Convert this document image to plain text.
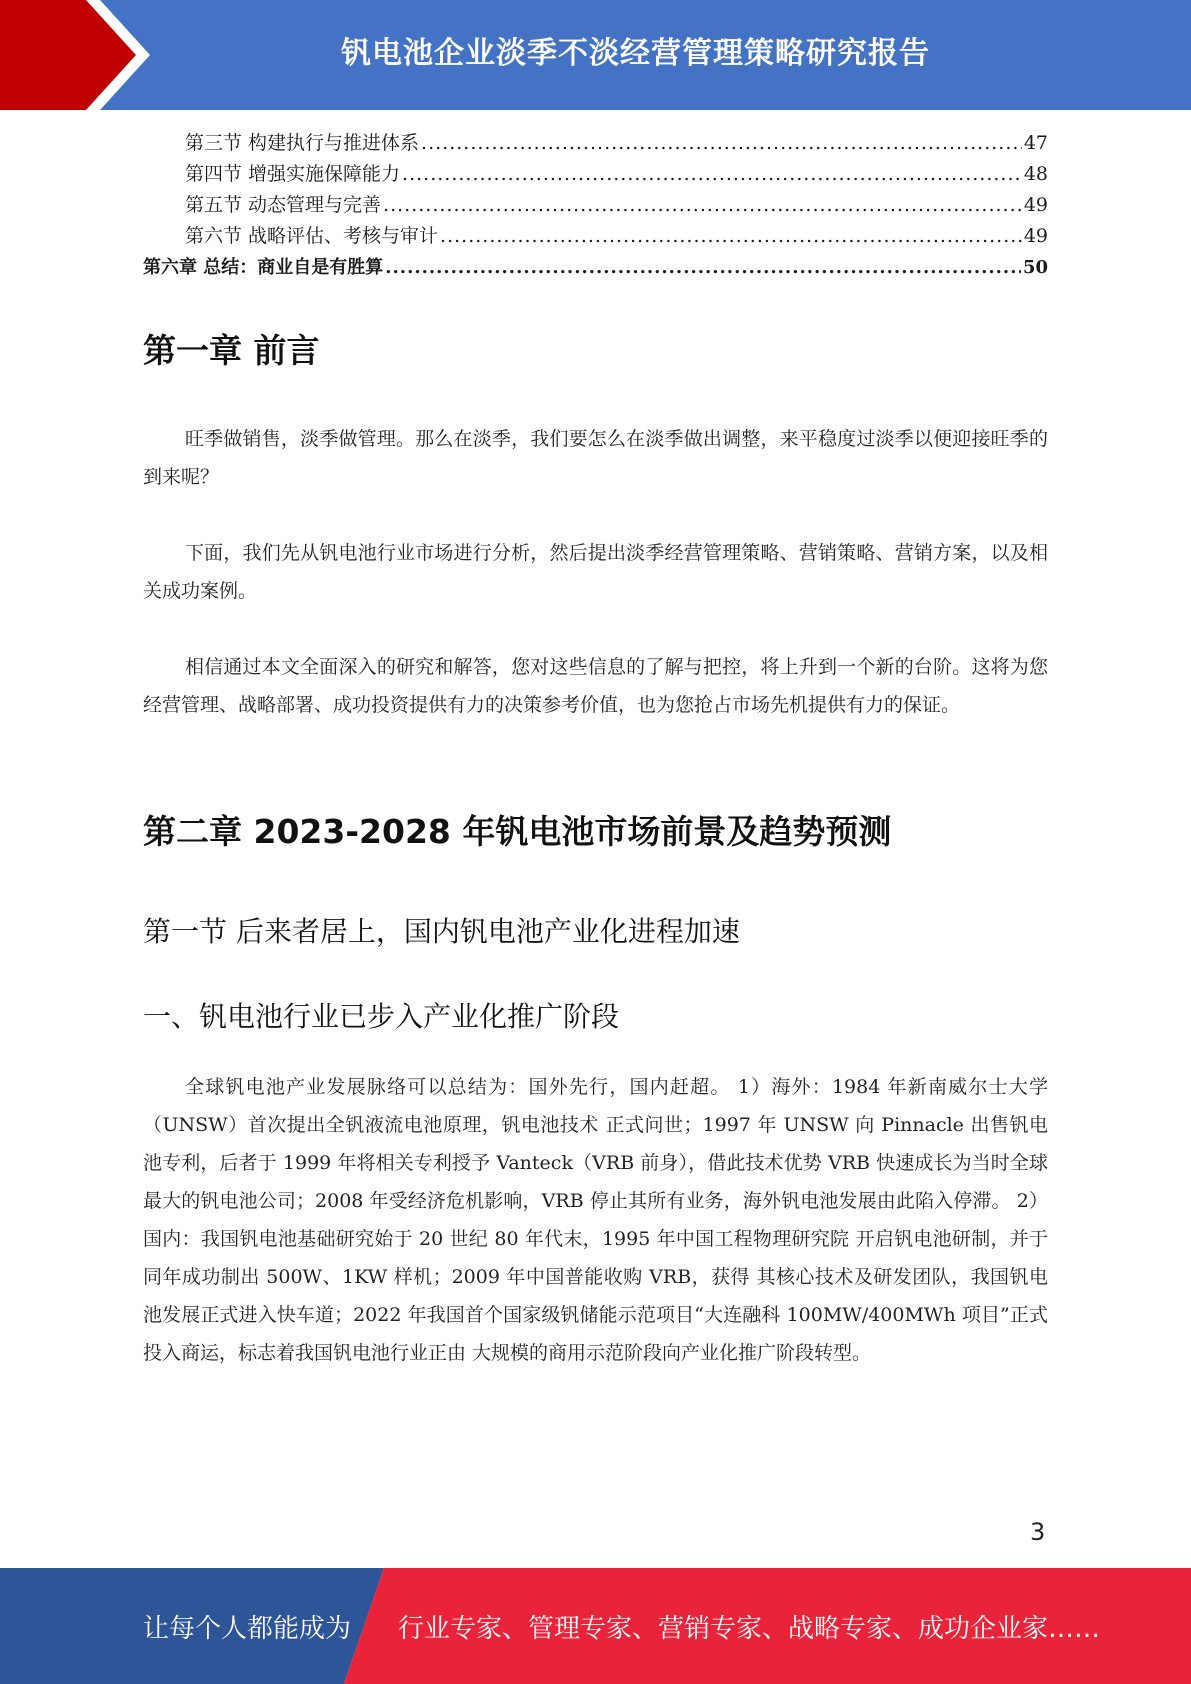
钒电池企业淡季不淡经营管理策略研究报告
第三节 构建执行与推进体系 .....	47
第四节 增强实施保障能力 .....	48
第五节 动态管理与完善 .....	49
第六节 战略评估、考核与审计 .....	49
第六章 总结：商业自是有胜算 .....	50
第一章 前言

旺季做销售，淡季做管理。那么在淡季，我们要怎么在淡季做出调整，来平稳度过淡季以便迎接旺季的到来呢？

下面，我们先从钒电池行业市场进行分析，然后提出淡季经营管理策略、营销策略、营销方案，以及相关成功案例。

相信通过本文全面深入的研究和解答，您对这些信息的了解与把控，将上升到一个新的台阶。这将为您经营管理、战略部署、成功投资提供有力的决策参考价值，也为您抢占市场先机提供有力的保证。

第二章 2023-2028 年钒电池市场前景及趋势预测
第一节 后来者居上，国内钒电池产业化进程加速
一、钒电池行业已步入产业化推广阶段

全球钒电池产业发展脉络可以总结为：国外先行，国内赶超。 1）海外：1984 年新南威尔士大学（UNSW）首次提出全钒液流电池原理，钒电池技术 正式问世；1997 年 UNSW 向 Pinnacle 出售钒电池专利，后者于 1999 年将相关专利授予 Vanteck（VRB 前身），借此技术优势 VRB 快速成长为当时全球最大的钒电池公司；2008 年受经济危机影响，VRB 停止其所有业务，海外钒电池发展由此陷入停滞。 2）国内：我国钒电池基础研究始于 20 世纪 80 年代末，1995 年中国工程物理研究院 开启钒电池研制，并于同年成功制出 500W、1KW 样机；2009 年中国普能收购 VRB，获得 其核心技术及研发团队，我国钒电池发展正式进入快车道；2022 年我国首个国家级钒储能示范项目“大连融科 100MW/400MWh 项目”正式投入商运，标志着我国钒电池行业正由 大规模的商用示范阶段向产业化推广阶段转型。

3
让每个人都能成为 行业专家、管理专家、营销专家、战略专家、成功企业家……
